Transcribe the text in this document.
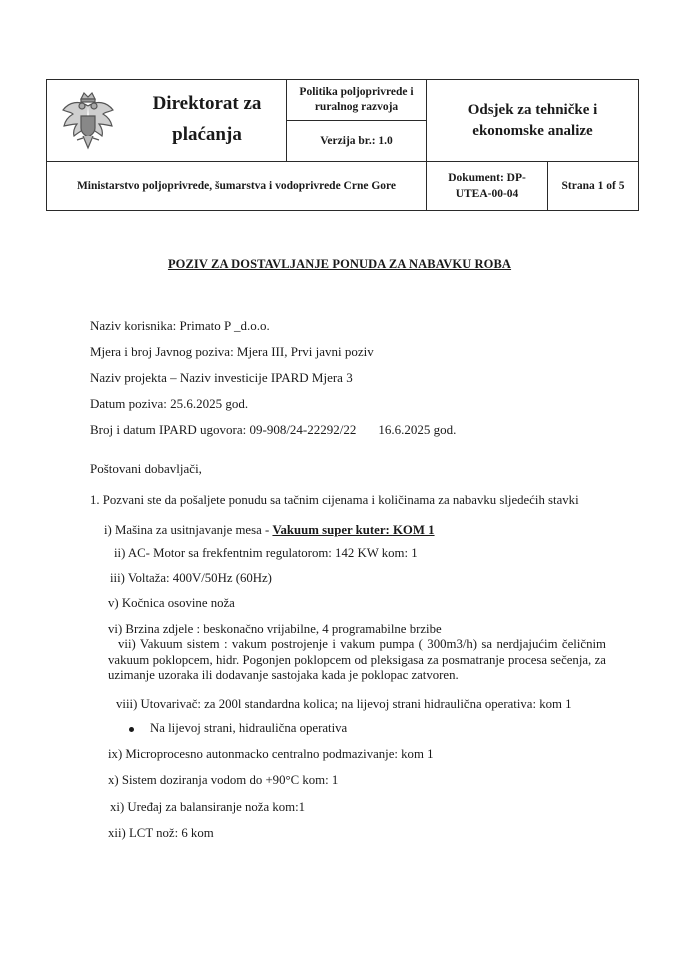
Direktorat za plaćanja
Politika poljoprivrede i ruralnog razvoja
Verzija br.: 1.0
Odsjek za tehničke i ekonomske analize
Ministarstvo poljoprivrede, šumarstva i vodoprivrede Crne Gore
Dokument: DP-UTEA-00-04
Strana 1 of 5
POZIV ZA DOSTAVLJANJE PONUDA ZA NABAVKU ROBA
Naziv korisnika: Primato P _d.o.o.
Mjera i broj Javnog poziva: Mjera III, Prvi javni poziv
Naziv projekta – Naziv investicije IPARD Mjera 3
Datum poziva: 25.6.2025 god.
Broj i datum IPARD ugovora: 09-908/24-22292/22 16.6.2025 god.
Poštovani dobavljači,
1. Pozvani ste da pošaljete ponudu sa tačnim cijenama i količinama za nabavku sljedećih stavki
i) Mašina za usitnjavanje mesa - Vakuum super kuter: KOM 1
ii) AC- Motor sa frekfentnim regulatorom: 142 KW kom: 1
iii) Voltaža: 400V/50Hz (60Hz)
v) Kočnica osovine noža
vi) Brzina zdjele : beskonačno vrijabilne, 4 programabilne brzibe
vii) Vakuum sistem : vakum postrojenje i vakum pumpa ( 300m3/h) sa nerdjajućim čeličnim vakuum poklopcem, hidr. Pogonjen poklopcem od pleksigasa za posmatranje procesa sečenja, za uzimanje uzoraka ili dodavanje sastojaka kada je poklopac zatvoren.
viii) Utovarivač: za 200l standardna kolica; na lijevoj strani hidraulična operativa: kom 1
Na lijevoj strani, hidraulična operativa
ix) Microprocesno autonmacko centralno podmazivanje: kom 1
x) Sistem doziranja vodom do +90°C kom: 1
xi) Uređaj za balansiranje noža kom:1
xii) LCT nož: 6 kom
